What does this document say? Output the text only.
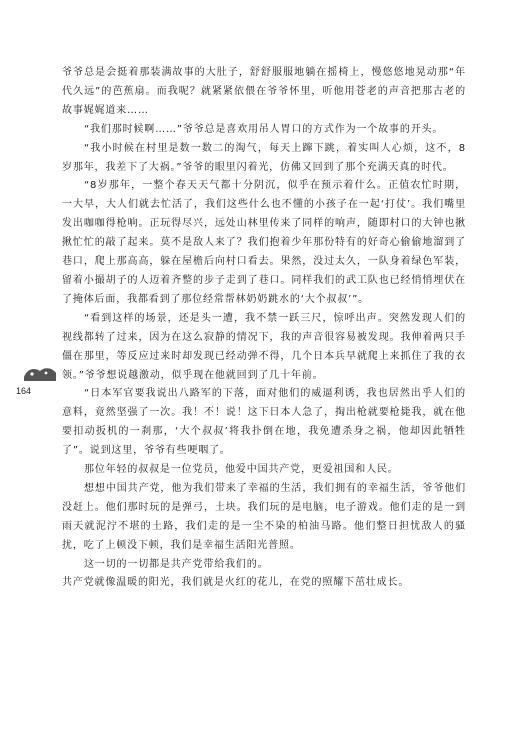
164

爷爷总是会挺着那装满故事的大肚子，舒舒服服地躺在摇椅上，慢悠悠地晃动那“年代久远”的芭蕉扇。而我呢？就紧紧依偎在爷爷怀里，听他用苍老的声音把那古老的故事娓娓道来……

“我们那时候啊……”爷爷总是喜欢用吊人胃口的方式作为一个故事的开头。

“我小时候在村里是数一数二的淘气，每天上蹿下跳，着实叫人心烦，这不，8岁那年，我差下了大祸。”爷爷的眼里闪着光，仿佛又回到了那个充满天真的时代。

“8岁那年，一整个春天天气都十分阴沉，似乎在预示着什么。正值农忙时期，一大早，大人们就去忙活了，我们这些什么也不懂的小孩子在一起‘打仗’。我们嘴里发出咖咖得枪响。正玩得尽兴，远处山林里传来了同样的响声，随即村口的大钟也揪揪忙忙的敲了起来。莫不是敌人来了？我们抱着少年那份特有的好奇心偷偷地溜到了巷口，爬上那高高，躲在屋檐后向村口看去。果然，没过太久，一队身着绿色军装，留着小撮胡子的人迈着齐整的步子走到了巷口。同样我们的武工队也已经悄悄埋伏在了掩体后面，我都看到了那位经常帮林奶奶跳水的‘大个叔叔’”。

“看到这样的场景，还是头一遭，我不禁一跃三尺，惊呼出声。突然发现人们的视线都转了过来，因为在这么寂静的情况下，我的声音很容易被发现。我伸着两只手僵在那里，等反应过来时却发现已经动弹不得，几个日本兵早就爬上来抓住了我的衣领。”爷爷想说越激动，似乎现在他就回到了几十年前。

“日本军官要我说出八路军的下落，面对他们的威逼利诱，我也居然出乎人们的意料，竟然坚强了一次。我！不！说！这下日本人急了，掏出枪就要枪毙我，就在他要扣动扳机的一刹那，‘大个叔叔’将我扑倒在地，我免遭杀身之祸，他却因此牺牲了”。说到这里，爷爷有些哽咽了。

那位年轻的叔叔是一位党员，他爱中国共产党，更爱祖国和人民。

想想中国共产党，他为我们带来了幸福的生活，我们拥有的幸福生活，爷爷他们没赶上。他们那时玩的是弹弓，土块。我们玩的是电脑，电子游戏。他们走的是一到雨天就泥泞不堪的土路，我们走的是一尘不染的柏油马路。他们整日担忧敌人的骚扰，吃了上顿没下顿，我们是幸福生活阳光普照。

这一切的一切都是共产党带给我们的。

共产党就像温暖的阳光，我们就是火红的花儿，在党的照耀下茁壮成长。
